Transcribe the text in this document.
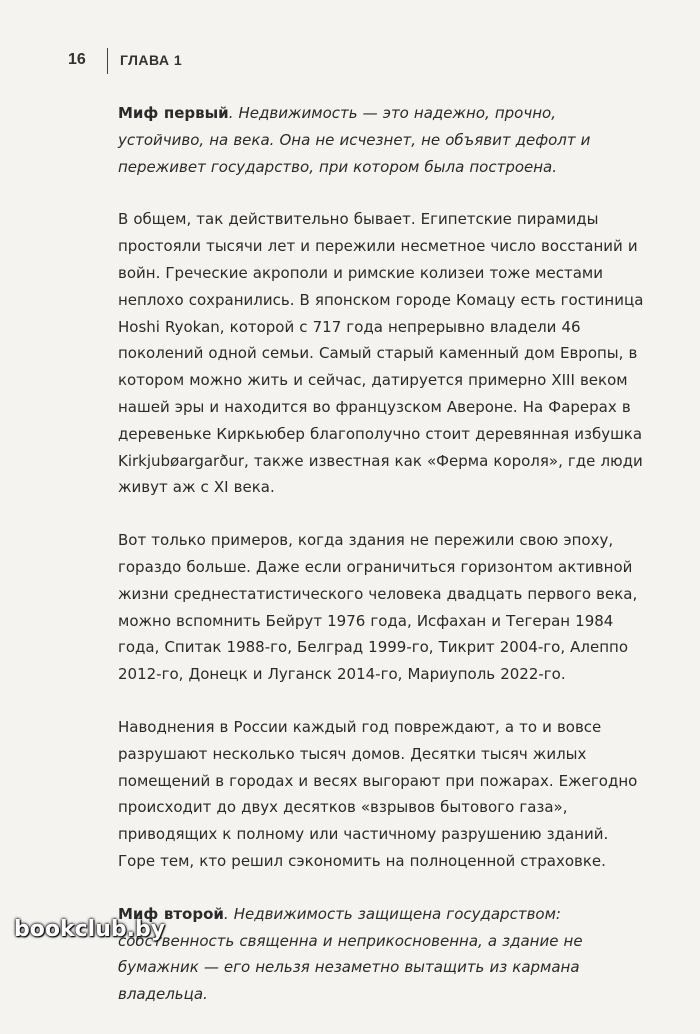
16 ГЛАВА 1

Миф первый. Недвижимость — это надежно, прочно, устойчиво, на века. Она не исчезнет, не объявит дефолт и переживет государство, при котором была построена.

В общем, так действительно бывает. Египетские пирамиды простояли тысячи лет и пережили несметное число восстаний и войн. Греческие акрополи и римские колизеи тоже местами неплохо сохранились. В японском городе Комацу есть гостиница Hoshi Ryokan, которой с 717 года непрерывно владели 46 поколений одной семьи. Самый старый каменный дом Европы, в котором можно жить и сейчас, датируется примерно XIII веком нашей эры и находится во французском Авероне. На Фарерах в деревеньке Киркьюбер благополучно стоит деревянная избушка Kirkjubøargarður, также известная как «Ферма короля», где люди живут аж с XI века.

Вот только примеров, когда здания не пережили свою эпоху, гораздо больше. Даже если ограничиться горизонтом активной жизни среднестатистического человека двадцать первого века, можно вспомнить Бейрут 1976 года, Исфахан и Тегеран 1984 года, Спитак 1988-го, Белград 1999-го, Тикрит 2004-го, Алеппо 2012-го, Донецк и Луганск 2014-го, Мариуполь 2022-го.

Наводнения в России каждый год повреждают, а то и вовсе разрушают несколько тысяч домов. Десятки тысяч жилых помещений в городах и весях выгорают при пожарах. Ежегодно происходит до двух десятков «взрывов бытового газа», приводящих к полному или частичному разрушению зданий. Горе тем, кто решил сэкономить на полноценной страховке.

Миф второй. Недвижимость защищена государством: собственность священна и неприкосновенна, а здание не бумажник — его нельзя незаметно вытащить из кармана владельца.

bookclub.by
